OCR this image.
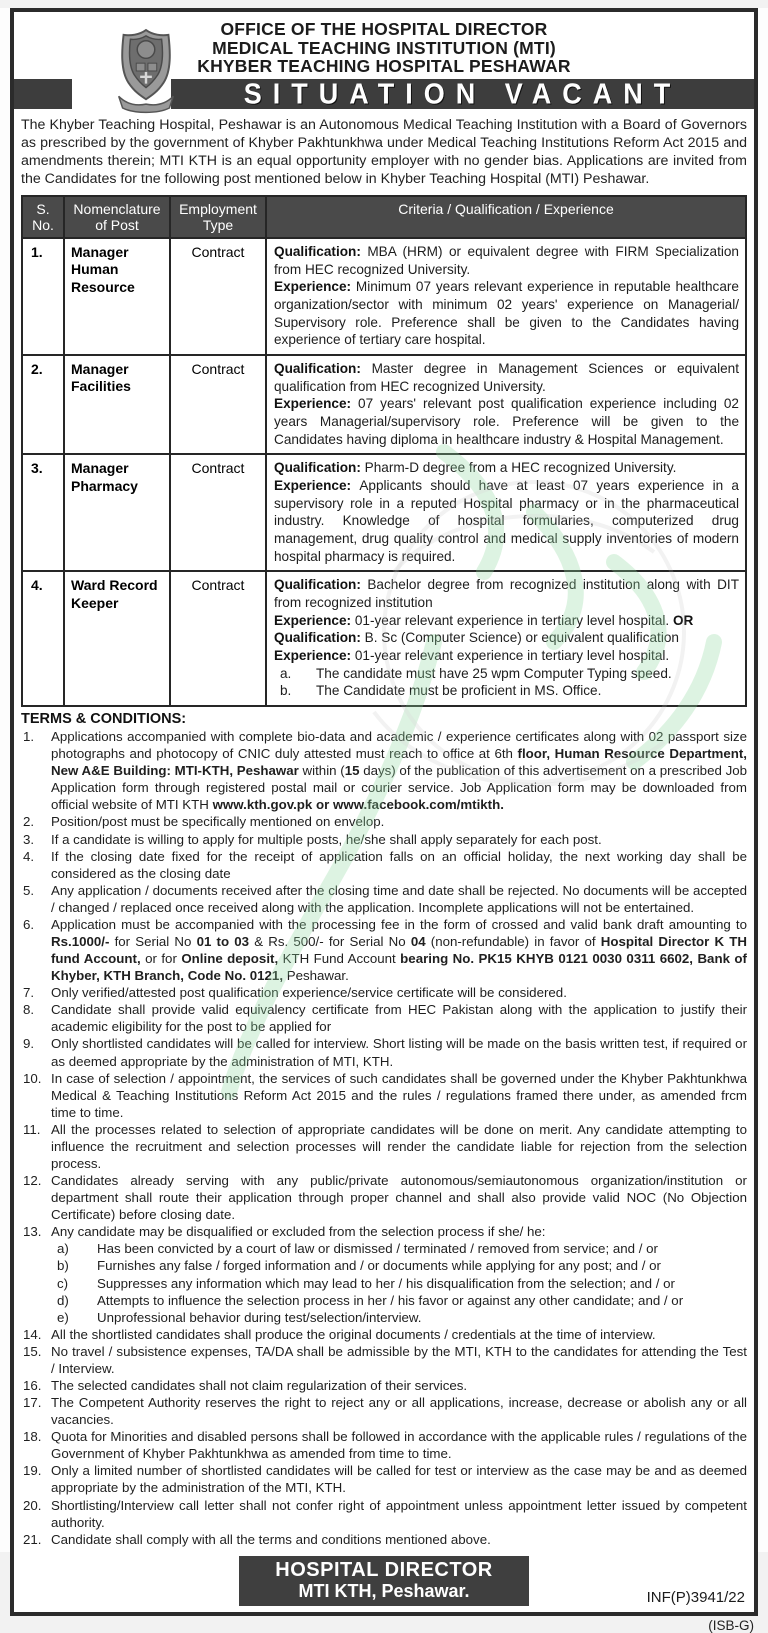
OFFICE OF THE HOSPITAL DIRECTOR
MEDICAL TEACHING INSTITUTION (MTI)
KHYBER TEACHING HOSPITAL PESHAWAR
SITUATION VACANT
The Khyber Teaching Hospital, Peshawar is an Autonomous Medical Teaching Institution with a Board of Governors as prescribed by the government of Khyber Pakhtunkhwa under Medical Teaching Institutions Reform Act 2015 and amendments therein; MTI KTH is an equal opportunity employer with no gender bias. Applications are invited from the Candidates for tne following post mentioned below in Khyber Teaching Hospital (MTI) Peshawar.
S. No.	Nomenclature of Post	Employment Type	Criteria / Qualification / Experience
1.	Manager Human Resource	Contract	Qualification: MBA (HRM) or equivalent degree with FIRM Specialization from HEC recognized University.
Experience: Minimum 07 years relevant experience in reputable healthcare organization/sector with minimum 02 years' experience on Managerial/ Supervisory role. Preference shall be given to the Candidates having experience of tertiary care hospital.

2.	Manager Facilities	Contract	Qualification: Master degree in Management Sciences or equivalent qualification from HEC recognized University.
Experience: 07 years' relevant post qualification experience including 02 years Managerial/supervisory role. Preference will be given to the Candidates having diploma in healthcare industry & Hospital Management.

3.	Manager Pharmacy	Contract	Qualification: Pharm-D degree from a HEC recognized University.
Experience: Applicants should have at least 07 years experience in a supervisory role in a reputed Hospital pharmacy or in the pharmaceutical industry. Knowledge of hospital formularies, computerized drug management, drug quality control and medical supply inventories of modern hospital pharmacy is required.

4.	Ward Record Keeper	Contract	Qualification: Bachelor degree from recognized institution along with DIT from recognized institution
Experience: 01-year relevant experience in tertiary level hospital. OR
Qualification: B. Sc (Computer Science) or equivalent qualification
Experience: 01-year relevant experience in tertiary level hospital.
a.	The candidate must have 25 wpm Computer Typing speed.
b.	The Candidate must be proficient in MS. Office.
TERMS & CONDITIONS:
1.	Applications accompanied with complete bio-data and academic / experience certificates along with 02 passport size photographs and photocopy of CNIC duly attested must reach to office at 6th floor, Human Resource Department, New A&E Building: MTI-KTH, Peshawar within (15 days) of the publication of this advertisement on a prescribed Job Application form through registered postal mail or courier service. Job Application form may be downloaded from official website of MTI KTH www.kth.gov.pk or www.facebook.com/mtikth.
2.	Position/post must be specifically mentioned on envelop.
3.	If a candidate is willing to apply for multiple posts, he/she shall apply separately for each post.
4.	If the closing date fixed for the receipt of application falls on an official holiday, the next working day shall be considered as the closing date
5.	Any application / documents received after the closing time and date shall be rejected. No documents will be accepted / changed / replaced once received along with the application. Incomplete applications will not be entertained.
6.	Application must be accompanied with the processing fee in the form of crossed and valid bank draft amounting to Rs.1000/- for Serial No 01 to 03 & Rs. 500/- for Serial No 04 (non-refundable) in favor of Hospital Director K TH fund Account, or for Online deposit, KTH Fund Account bearing No. PK15 KHYB 0121 0030 0311 6602, Bank of Khyber, KTH Branch, Code No. 0121, Peshawar.
7.	Only verified/attested post qualification experience/service certificate will be considered.
8.	Candidate shall provide valid equivalency certificate from HEC Pakistan along with the application to justify their academic eligibility for the post to be applied for
9.	Only shortlisted candidates will be called for interview. Short listing will be made on the basis written test, if required or as deemed appropriate by the administration of MTI, KTH.
10. In case of selection / appointment, the services of such candidates shall be governed under the Khyber Pakhtunkhwa Medical & Teaching Institutions Reform Act 2015 and the rules / regulations framed there under, as amended frcm time to time.
11. All the processes related to selection of appropriate candidates will be done on merit. Any candidate attempting to influence the recruitment and selection processes will render the candidate liable for rejection from the selection process.
12. Candidates already serving with any public/private autonomous/semiautonomous organization/institution or department shall route their application through proper channel and shall also provide valid NOC (No Objection Certificate) before closing date.
13. Any candidate may be disqualified or excluded from the selection process if she/ he:
a)	Has been convicted by a court of law or dismissed / terminated / removed from service; and / or
b)	Furnishes any false / forged information and / or documents while applying for any post; and / or
c)	Suppresses any information which may lead to her / his disqualification from the selection; and / or
d)	Attempts to influence the selection process in her / his favor or against any other candidate; and / or
e)	Unprofessional behavior during test/selection/interview.
14. All the shortlisted candidates shall produce the original documents / credentials at the time of interview.
15. No travel / subsistence expenses, TA/DA shall be admissible by the MTI, KTH to the candidates for attending the Test / Interview.
16. The selected candidates shall not claim regularization of their services.
17. The Competent Authority reserves the right to reject any or all applications, increase, decrease or abolish any or all vacancies.
18. Quota for Minorities and disabled persons shall be followed in accordance with the applicable rules / regulations of the Government of Khyber Pakhtunkhwa as amended from time to time.
19. Only a limited number of shortlisted candidates will be called for test or interview as the case may be and as deemed appropriate by the administration of the MTI, KTH.
20. Shortlisting/Interview call letter shall not confer right of appointment unless appointment letter issued by competent authority.
21. Candidate shall comply with all the terms and conditions mentioned above.
HOSPITAL DIRECTOR
MTI KTH, Peshawar.	INF(P)3941/22
(ISB-G)
